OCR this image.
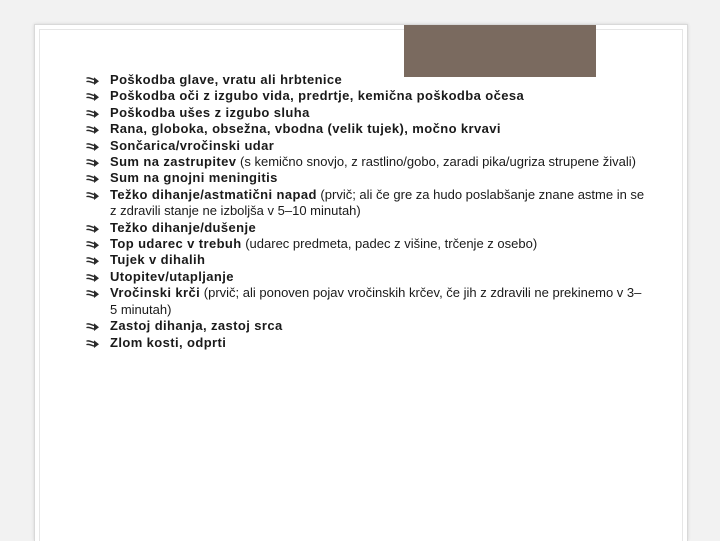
Poškodba glave, vratu ali hrbtenice
Poškodba oči z izgubo vida, predrtje, kemična poškodba očesa
Poškodba ušes z izgubo sluha
Rana, globoka, obsežna, vbodna (velik tujek), močno krvavi
Sončarica/vročinski udar
Sum na zastrupitev (s kemično snovjo, z rastlino/gobo, zaradi pika/ugriza strupene živali)
Sum na gnojni meningitis
Težko dihanje/astmatični napad (prvič; ali če gre za hudo poslabšanje znane astme in se z zdravili stanje ne izboljša v 5–10 minutah)
Težko dihanje/dušenje
Top udarec v trebuh (udarec predmeta, padec z višine, trčenje z osebo)
Tujek v dihalih
Utopitev/utapljanje
Vročinski krči (prvič; ali ponoven pojav vročinskih krčev, če jih z zdravili ne prekinemo v 3–5 minutah)
Zastoj dihanja, zastoj srca
Zlom kosti, odprti
